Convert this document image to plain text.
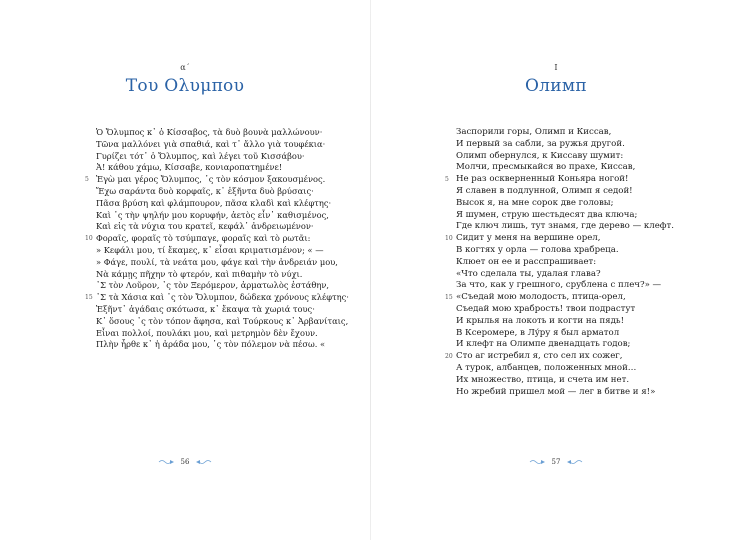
α´
Του Ολυμπου
Ὁ Ὄλυμπος κ᾿ ὁ Κίσσαβος, τὰ δυὸ βουνὰ μαλλώνουν·
Τῶνα μαλλόνει γιὰ σπαθιά, καὶ τ᾿ ἄλλο γιὰ τουφέκια·
Γυρίζει τότ᾿ ὁ Ὄλυμπος, καὶ λέγει τοῦ Κισσάβου·
Ἀ! κάθου χάμω, Κίσσαβε, κονιαροπατημένε!
5 Ἐγὼ μαι γέρος Ὄλυμπος, ᾿ς τὸν κόσμον ξακουσμένος.
Ἔχω σαράντα δυὸ κορφαῖς, κ᾿ ἑξῆντα δυὸ βρύσαις·
Πᾶσα βρύση καὶ φλάμπουρον, πᾶσα κλαδὶ καὶ κλέφτης·
Καὶ ᾿ς τὴν ψηλήν μου κορυφήν, ἀετὸς εἶν᾿ καθισμένος,
Καὶ εἰς τὰ νύχια του κρατεῖ, κεφάλ᾿ ἀνδρειωμένον·
10 Φοραῖς, φοραῖς τὸ τσύμπαγε, φοραῖς καὶ τὸ ρωτᾶι:
» Κεφάλι μου, τί ἔκαμες, κ᾿ εἶσαι κριματισμένον; « —
» Φάγε, πουλί, τὰ νεάτα μου, φάγε καὶ τὴν ἀνδρειάν μου,
Νὰ κάμῃς πῆχην τὸ φτερόν, καὶ πιθαμὴν τὸ νύχι.
᾿Σ τὸν Λοῦρον, ᾿ς τὸν Ξερόμερον, ἀρματωλὸς ἐστάθην,
15 ᾿Σ τὰ Χάσια καὶ ᾿ς τὸν Ὄλυμπον, δώδεκα χρόνους κλέφτης·
Ἑξῆντ᾿ ἀγάδαις σκότωσα, κ᾿ ἔκαψα τὰ χωριά τους·
Κ᾿ ὅσους ᾿ς τὸν τόπον ἄφησα, καὶ Τούρκους κ᾿ Ἀρβανίταις,
Εἶναι πολλοί, πουλάκι μου, καὶ μετρημὸν δὲν ἔχουν.
Πλὴν ἦρθε κ᾿ ἡ ἀράδα μου, ᾿ς τὸν πόλεμον νὰ πέσω. «
56
I
Олимп
Заспорили горы, Олимп и Киссав,
И первый за сабли, за ружья другой.
Олимп обернулся, к Киссаву шумит:
Молчи, пресмыкайся во прахе, Киссав,
5 Не раз оскверненный Коньяра ногой!
Я славен в подлунной, Олимп я седой!
Высок я, на мне сорок две головы;
Я шумен, струю шестьдесят два ключа;
Где ключ лишь, тут знамя, где дерево — клефт.
10 Сидит у меня на вершине орел,
В когтях у орла — голова храбреца.
Клюет он ее и расспрашивает:
«Что сделала ты, удалая глава?
За что, как у грешного, срублена с плеч?» —
15 «Съедай мою молодость, птица-орел,
Съедай мою храбрость! твои подрастут
И крылья на локоть и когти на пядь!
В Ксеромере, в Лýру я был арматол
И клефт на Олимпе двенадцать годов;
20 Сто аг истребил я, сто сел их сожег,
А турок, албанцев, положенных мной…
Их множество, птица, и счета им нет.
Но жребий пришел мой — лег в битве и я!»
57
